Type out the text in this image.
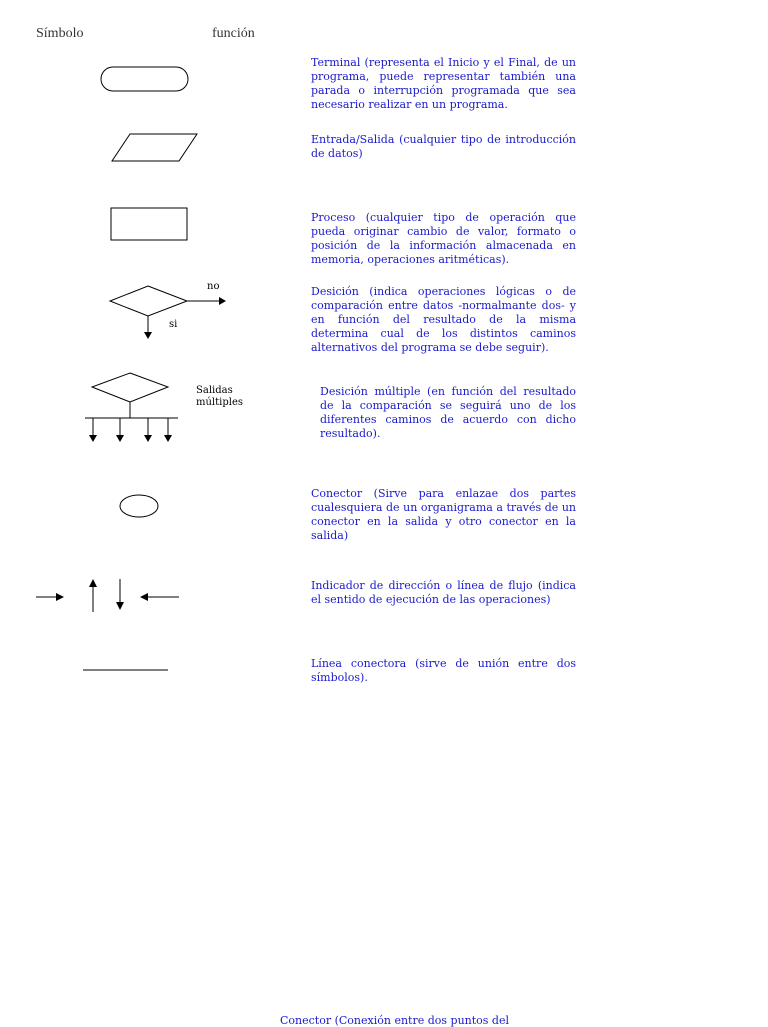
Símbolo	función
no
si
Salidas
múltiples
Terminal (representa el Inicio y el Final, de un programa, puede representar también una parada o interrupción programada que sea necesario realizar en un programa.
Entrada/Salida (cualquier tipo de introducción de datos)
Proceso (cualquier tipo de operación que pueda originar cambio de valor, formato o posición de la información almacenada en memoria, operaciones aritméticas).
Desición (indica operaciones lógicas o de comparación entre datos -normalmante dos- y en función del resultado de la misma determina cual de los distintos caminos alternativos del programa se debe seguir).
Desición múltiple (en función del resultado de la comparación se seguirá uno de los diferentes caminos de acuerdo con dicho resultado).
Conector (Sirve para enlazae dos partes cualesquiera de un organigrama a través de un conector en la salida y otro conector en la salida)
Indicador de dirección o línea de flujo (indica el sentido de ejecución de las operaciones)
Línea conectora (sirve de unión entre dos símbolos).
Conector (Conexión entre dos puntos del
